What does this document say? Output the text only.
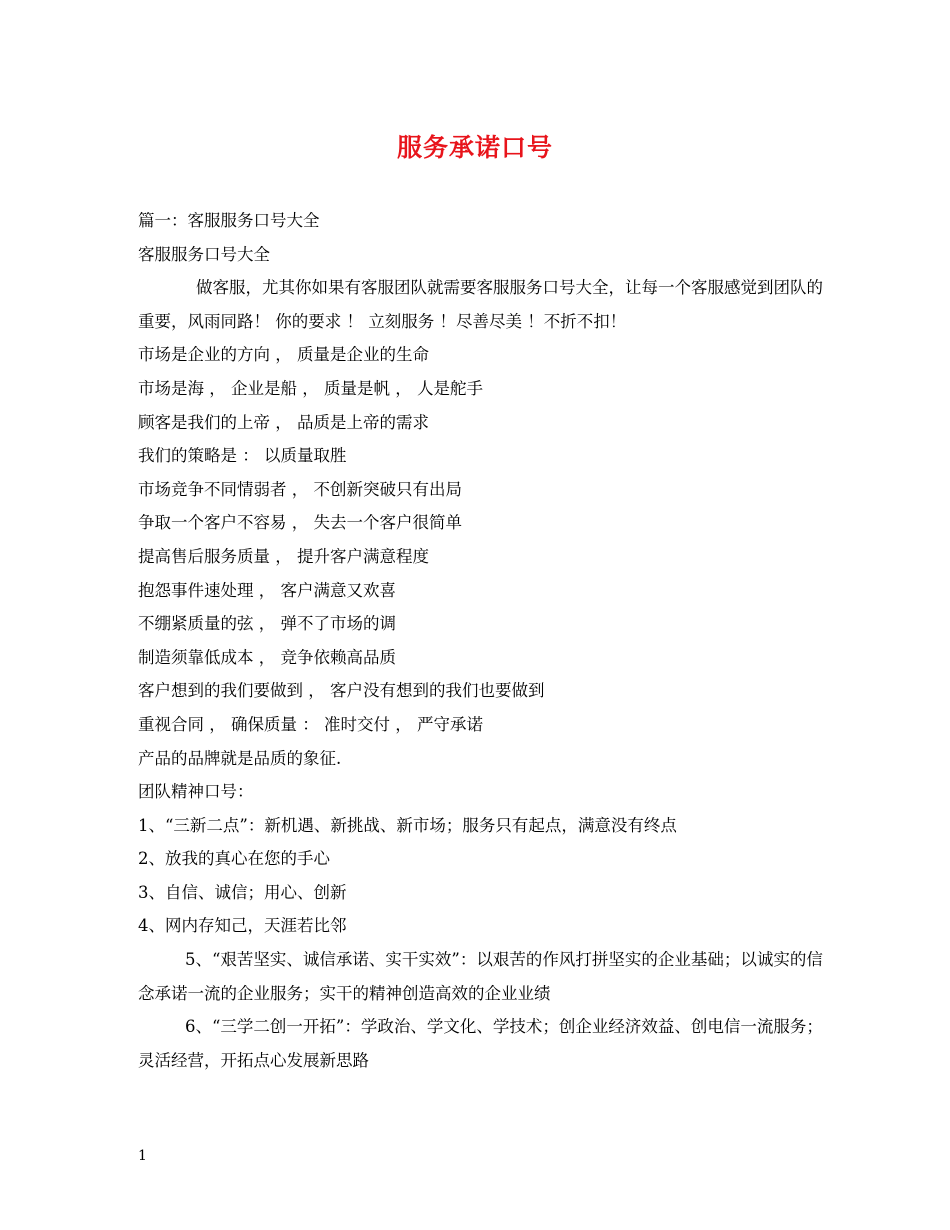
服务承诺口号

篇一：客服服务口号大全

客服服务口号大全

做客服，尤其你如果有客服团队就需要客服服务口号大全，让每一个客服感觉到团队的重要，风雨同路！ 你的要求 ！ 立刻服务 ！尽善尽美 ！不折不扣！

市场是企业的方向 ， 质量是企业的生命

市场是海 ， 企业是船 ， 质量是帆 ， 人是舵手

顾客是我们的上帝 ， 品质是上帝的需求

我们的策略是 ： 以质量取胜

市场竞争不同情弱者 ， 不创新突破只有出局

争取一个客户不容易 ， 失去一个客户很简单

提高售后服务质量 ， 提升客户满意程度

抱怨事件速处理 ， 客户满意又欢喜

不绷紧质量的弦 ， 弹不了市场的调

制造须靠低成本 ， 竞争依赖高品质

客户想到的我们要做到 ， 客户没有想到的我们也要做到

重视合同 ， 确保质量 ： 准时交付 ， 严守承诺

产品的品牌就是品质的象征.

团队精神口号：

1、“三新二点”：新机遇、新挑战、新市场；服务只有起点，满意没有终点

2、放我的真心在您的手心

3、自信、诚信；用心、创新

4、网内存知己，天涯若比邻

5、“艰苦坚实、诚信承诺、实干实效”：以艰苦的作风打拼坚实的企业基础；以诚实的信念承诺一流的企业服务；实干的精神创造高效的企业业绩

6、“三学二创一开拓”：学政治、学文化、学技术；创企业经济效益、创电信一流服务；灵活经营，开拓点心发展新思路

1
